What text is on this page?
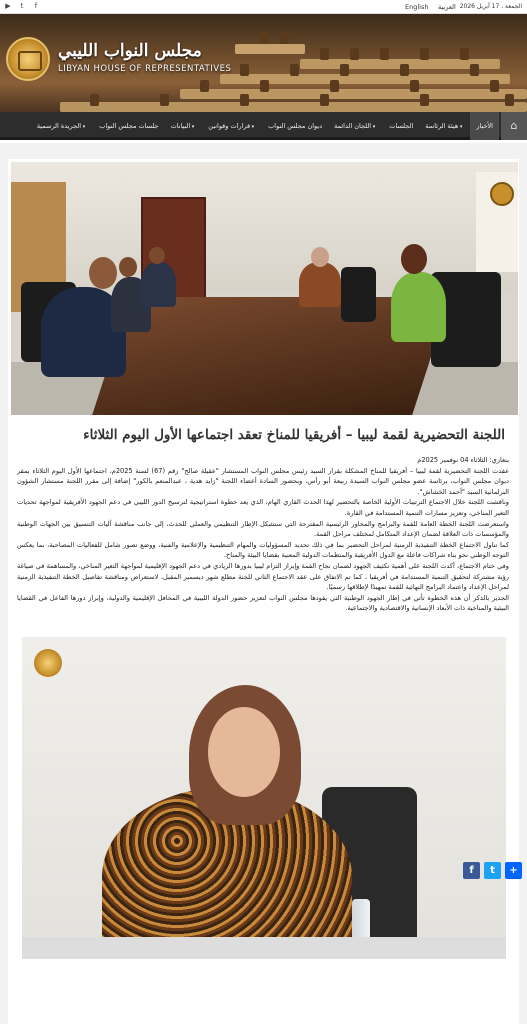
▶	t	f	English العربية الجمعة ، 17 أبريل 2026
مجلس النواب الليبي
LIBYAN HOUSE OF REPRESENTATIVES
الأخبار
هيئة الرئاسة ▾
الجلسات
اللجان الدائمة ▾
ديوان مجلس النواب
قرارات وقوانين ▾
البيانات ▾
جلسات مجلس النواب
الجريدة الرسمية ▾	⌂
اللجنة التحضيرية لقمة ليبيا – أفريقيا للمناخ تعقد اجتماعها الأول اليوم الثلاثاء

بنغازي: الثلاثاء 04 نوفمبر 2025م

عقدت اللجنة التحضيرية لقمة ليبيا – أفريقيا للمناخ المشكلة بقرار السيد رئيس مجلس النواب المستشار "عقيلة صالح" رقم (67) لسنة 2025م، اجتماعها الأول اليوم الثلاثاء بمقر ديوان مجلس النواب، برئاسة عضو مجلس النواب السيدة ربيعة أبو رأس، وبحضور السادة أعضاء اللجنة "زايد هدية ، عبدالمنعم بالكور" إضافة إلى مقرر اللجنة مستشار الشؤون البرلمانية السيد "أحمد الخشاش".

وناقشت اللجنة خلال الاجتماع الترتيبات الأولية الخاصة بالتحضير لهذا الحدث القاري الهام، الذي يعد خطوة استراتيجية لترسيخ الدور الليبي في دعم الجهود الأفريقية لمواجهة تحديات التغير المناخي، وتعزيز مسارات التنمية المستدامة في القارة.

واستعرضت اللجنة الخطة العامة للقمة والبرامج والمحاور الرئيسية المقترحة التي ستشكل الإطار التنظيمي والعملي للحدث، إلى جانب مناقشة آليات التنسيق بين الجهات الوطنية والمؤسسات ذات العلاقة لضمان الإعداد المتكامل لمختلف مراحل القمة.

كما تناول الاجتماع الخطة التنفيذية الزمنية لمراحل التحضير بما في ذلك تحديد المسؤوليات والمهام التنظيمية والإعلامية والفنية، ووضع تصور شامل للفعاليات المصاحبة، بما يعكس التوجه الوطني نحو بناء شراكات فاعلة مع الدول الأفريقية والمنظمات الدولية المعنية بقضايا البيئة والمناخ.

وفي ختام الاجتماع، أكدت اللجنة على أهمية تكثيف الجهود لضمان نجاح القمة وإبراز التزام ليبيا بدورها الريادي في دعم الجهود الإقليمية لمواجهة التغير المناخي، والمساهمة في صياغة رؤية مشتركة لتحقيق التنمية المستدامة في أفريقيا ، كما تم الاتفاق على عقد الاجتماع الثاني للجنة مطلع شهر ديسمبر المقبل، لاستعراض ومناقشة تفاصيل الخطة التنفيذية الزمنية لمراحل الإعداد واعتماد البرامج النهائية للقمة تمهيدًا لإطلاقها رسميًا.

الجدير بالذكر أن هذه الخطوة تأتي في إطار الجهود الوطنية التي يقودها مجلس النواب لتعزيز حضور الدولة الليبية في المحافل الإقليمية والدولية، وإبراز دورها الفاعل في القضايا البيئية والمناخية ذات الأبعاد الإنسانية والاقتصادية والاجتماعية.

f	t	+
